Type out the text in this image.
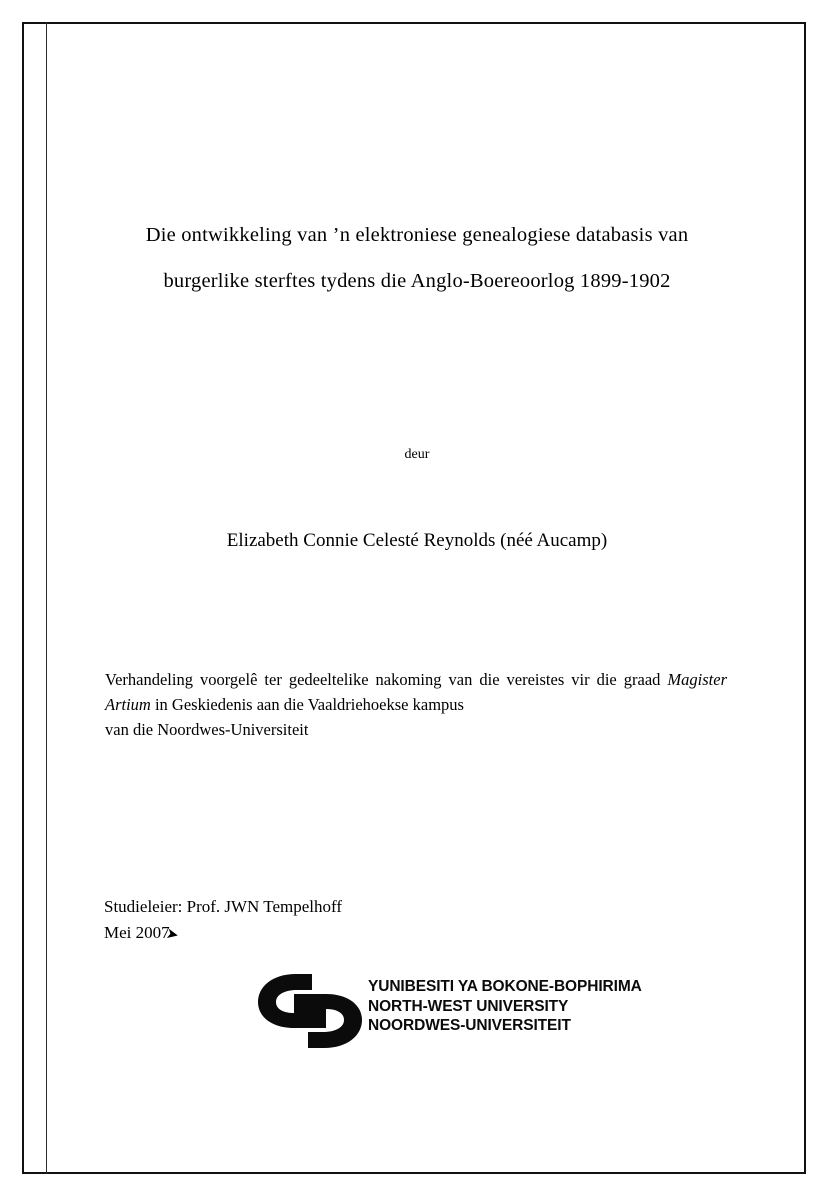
Die ontwikkeling van ’n elektroniese genealogiese databasis van
burgerlike sterftes tydens die Anglo-Boereoorlog 1899-1902
deur
Elizabeth Connie Celesté Reynolds (néé Aucamp)
Verhandeling voorgelê ter gedeeltelike nakoming van die vereistes vir die graad Magister Artium in Geskiedenis aan die Vaaldriehoekse kampus
van die Noordwes-Universiteit
Studieleier: Prof. JWN Tempelhoff
Mei 2007
➤
YUNIBESITI YA BOKONE-BOPHIRIMA
NORTH-WEST UNIVERSITY
NOORDWES-UNIVERSITEIT
